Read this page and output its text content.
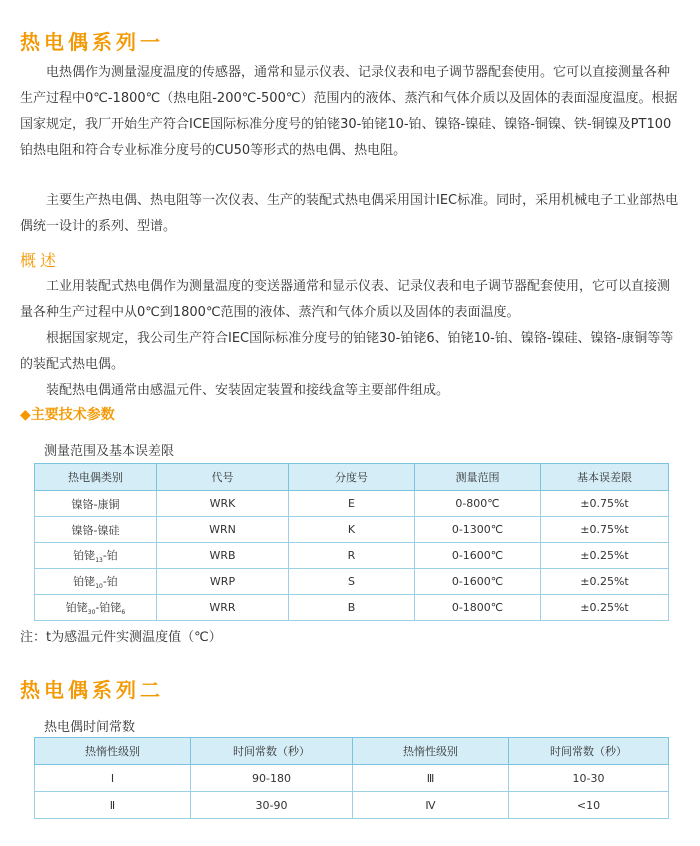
热电偶系列一
电热偶作为测量湿度温度的传感器，通常和显示仪表、记录仪表和电子调节器配套使用。它可以直接测量各种生产过程中0℃-1800℃（热电阻-200℃-500℃）范围内的液体、蒸汽和气体介质以及固体的表面湿度温度。根据国家规定，我厂开始生产符合ICE国际标准分度号的铂铑30-铂铑10-铂、镍铬-镍硅、镍铬-铜镍、铁-铜镍及PT100铂热电阻和符合专业标准分度号的CU50等形式的热电偶、热电阻。
主要生产热电偶、热电阻等一次仪表、生产的装配式热电偶采用国计IEC标准。同时，采用机械电子工业部热电偶统一设计的系列、型谱。
概述
工业用装配式热电偶作为测量温度的变送器通常和显示仪表、记录仪表和电子调节器配套使用，它可以直接测量各种生产过程中从0℃到1800℃范围的液体、蒸汽和气体介质以及固体的表面温度。
根据国家规定，我公司生产符合IEC国际标准分度号的铂铑30-铂铑6、铂铑10-铂、镍铬-镍硅、镍铬-康铜等等的装配式热电偶。
装配热电偶通常由感温元件、安装固定装置和接线盒等主要部件组成。
◆主要技术参数
测量范围及基本误差限
热电偶类别	代号	分度号	测量范围	基本误差限
镍铬-康铜	WRK	E	0-800℃	±0.75%t
镍铬-镍硅	WRN	K	0-1300℃	±0.75%t
铂铑$_{13}$-铂	WRB	R	0-1600℃	±0.25%t
铂铑$_{10}$-铂	WRP	S	0-1600℃	±0.25%t
铂铑$_{30}$-铂铑$_6$	WRR	B	0-1800℃	±0.25%t
注：t为感温元件实测温度值（℃）
热电偶系列二
热电偶时间常数
热惰性级别	时间常数（秒）	热惰性级别	时间常数（秒）
Ⅰ	90-180	Ⅲ	10-30
Ⅱ	30-90	Ⅳ	<10
